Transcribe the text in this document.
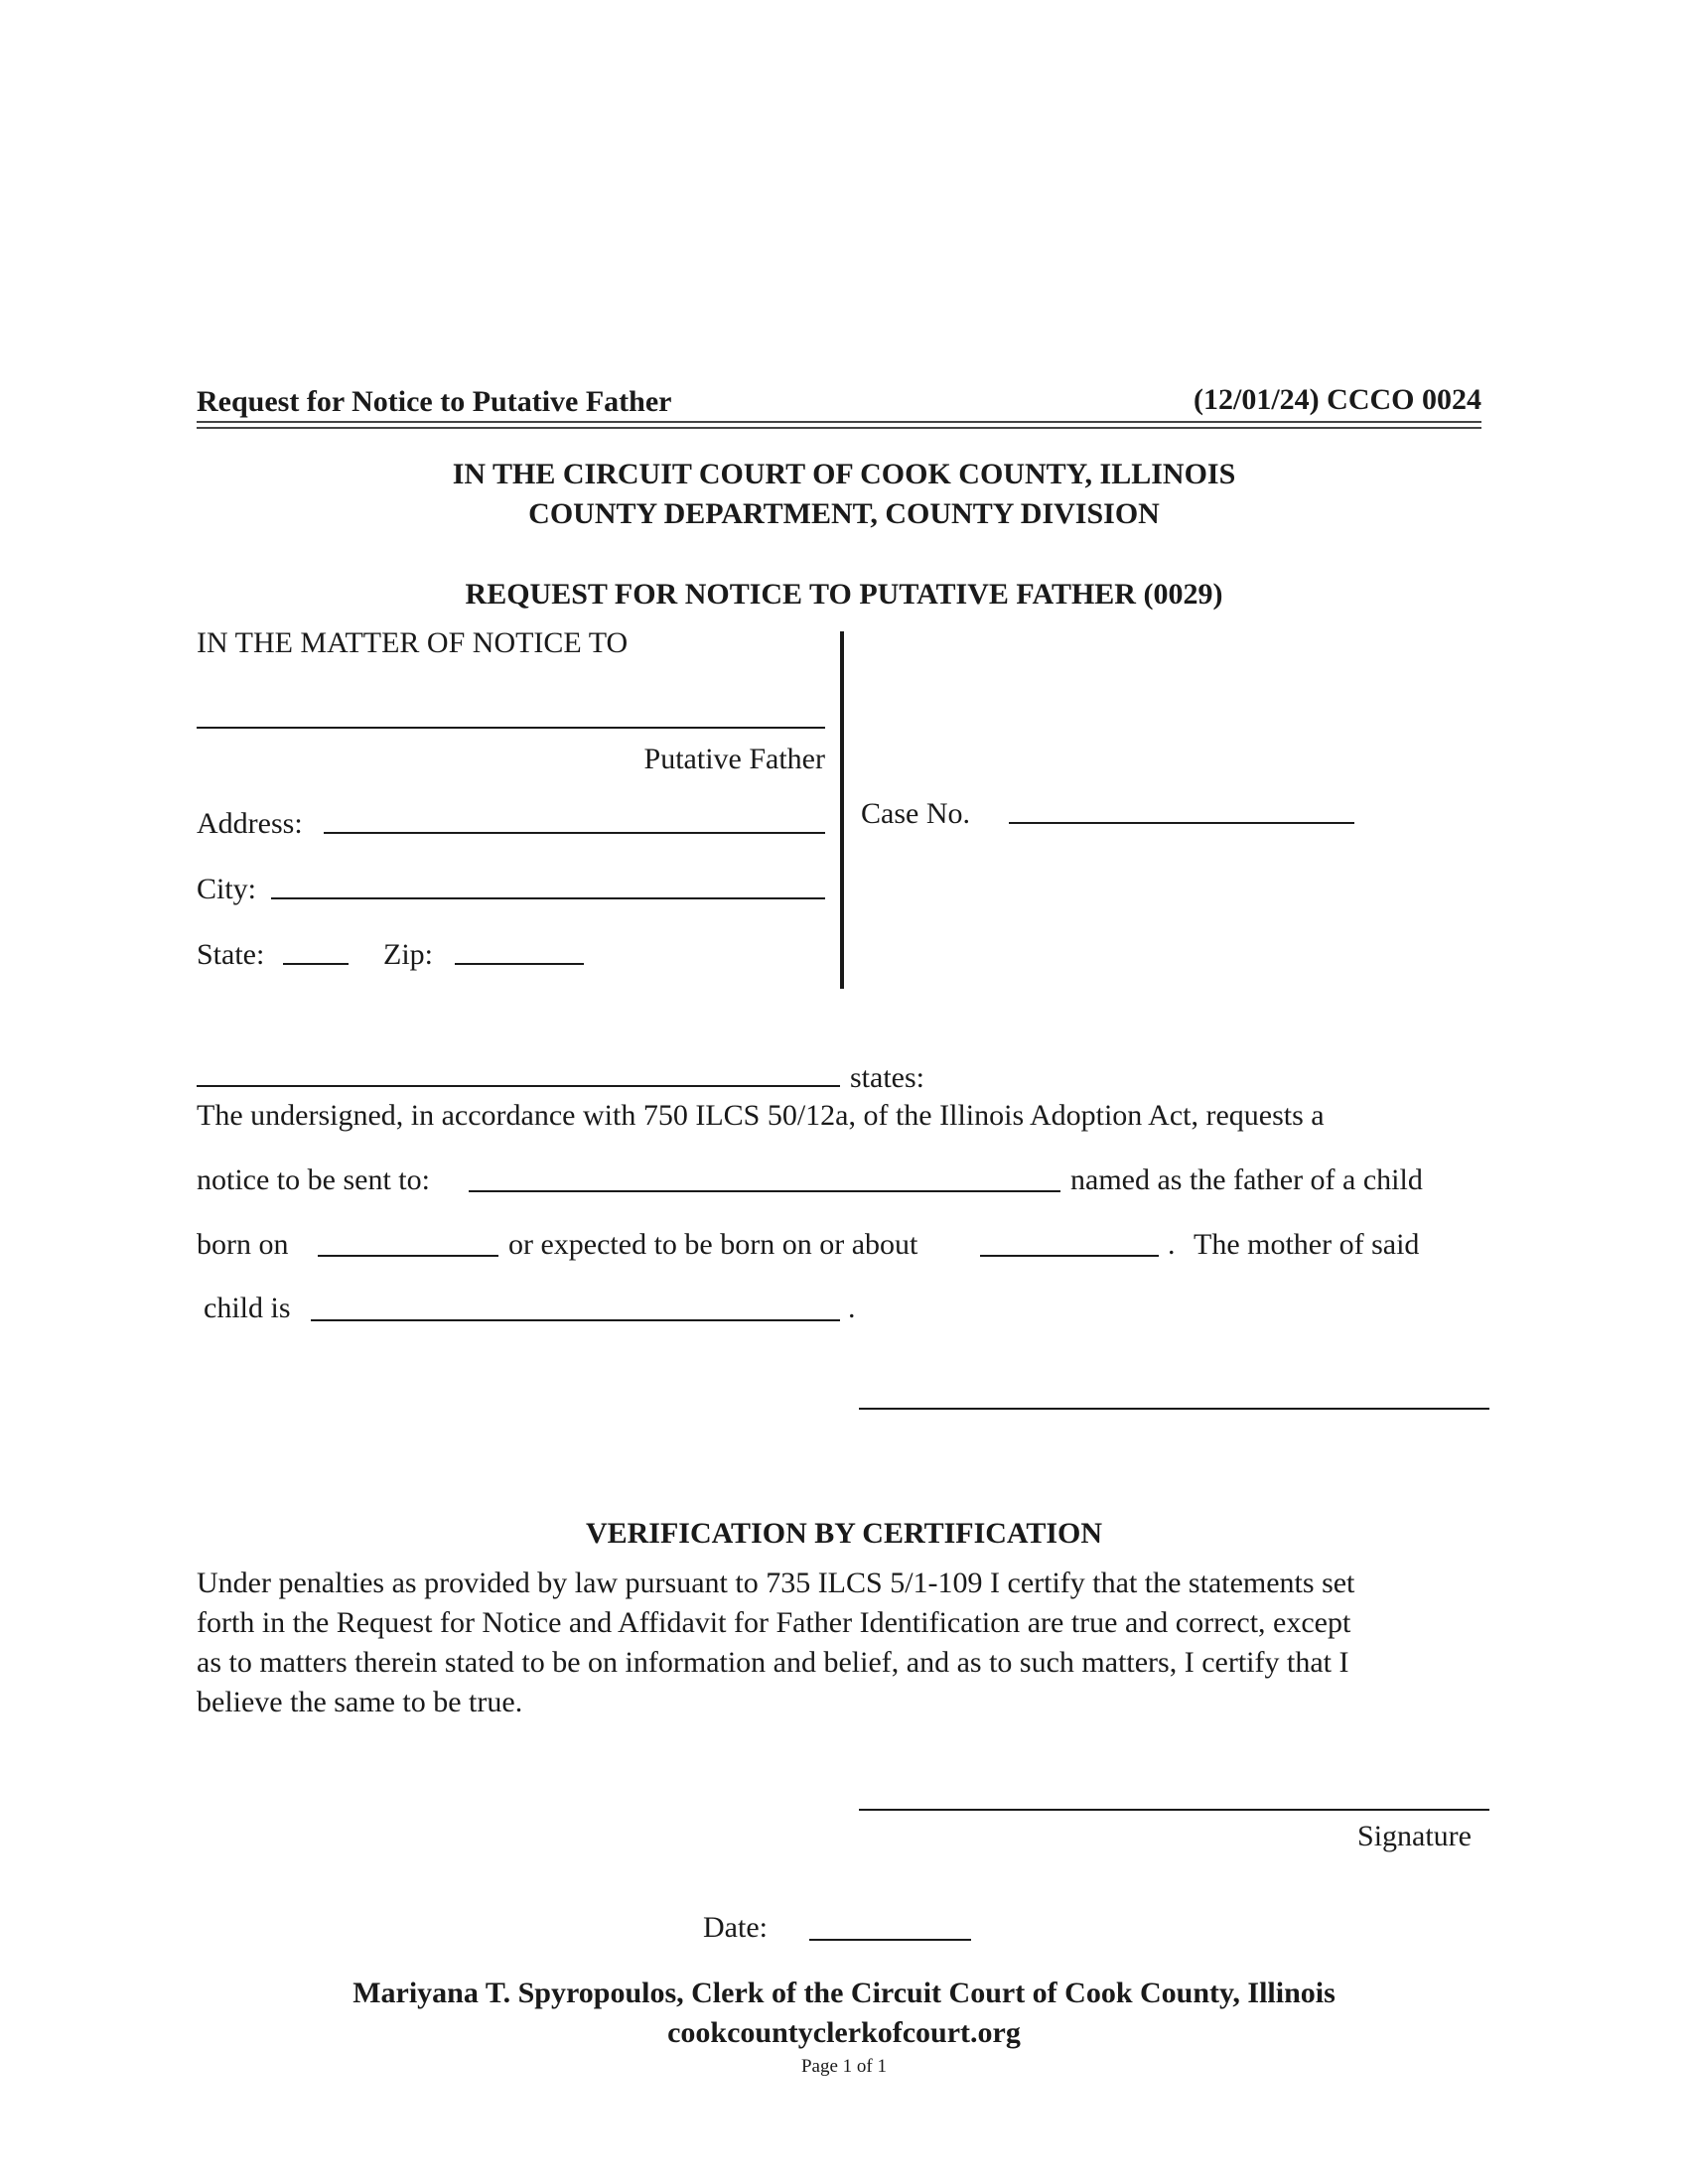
Request for Notice to Putative Father	(12/01/24) CCCO 0024
IN THE CIRCUIT COURT OF COOK COUNTY, ILLINOIS
COUNTY DEPARTMENT, COUNTY DIVISION
REQUEST FOR NOTICE TO PUTATIVE FATHER (0029)
IN THE MATTER OF NOTICE TO
Putative Father
Address:
City:
State:	Zip:
Case No.
states:
The undersigned, in accordance with 750 ILCS 50/12a, of the Illinois Adoption Act, requests a
notice to be sent to:	named as the father of a child
born on	or expected to be born on or about	. The mother of said
child is	.
VERIFICATION BY CERTIFICATION
Under penalties as provided by law pursuant to 735 ILCS 5/1-109 I certify that the statements set
forth in the Request for Notice and Affidavit for Father Identification are true and correct, except
as to matters therein stated to be on information and belief, and as to such matters, I certify that I
believe the same to be true.
Signature
Date:
Mariyana T. Spyropoulos, Clerk of the Circuit Court of Cook County, Illinois
cookcountyclerkofcourt.org
Page 1 of 1
